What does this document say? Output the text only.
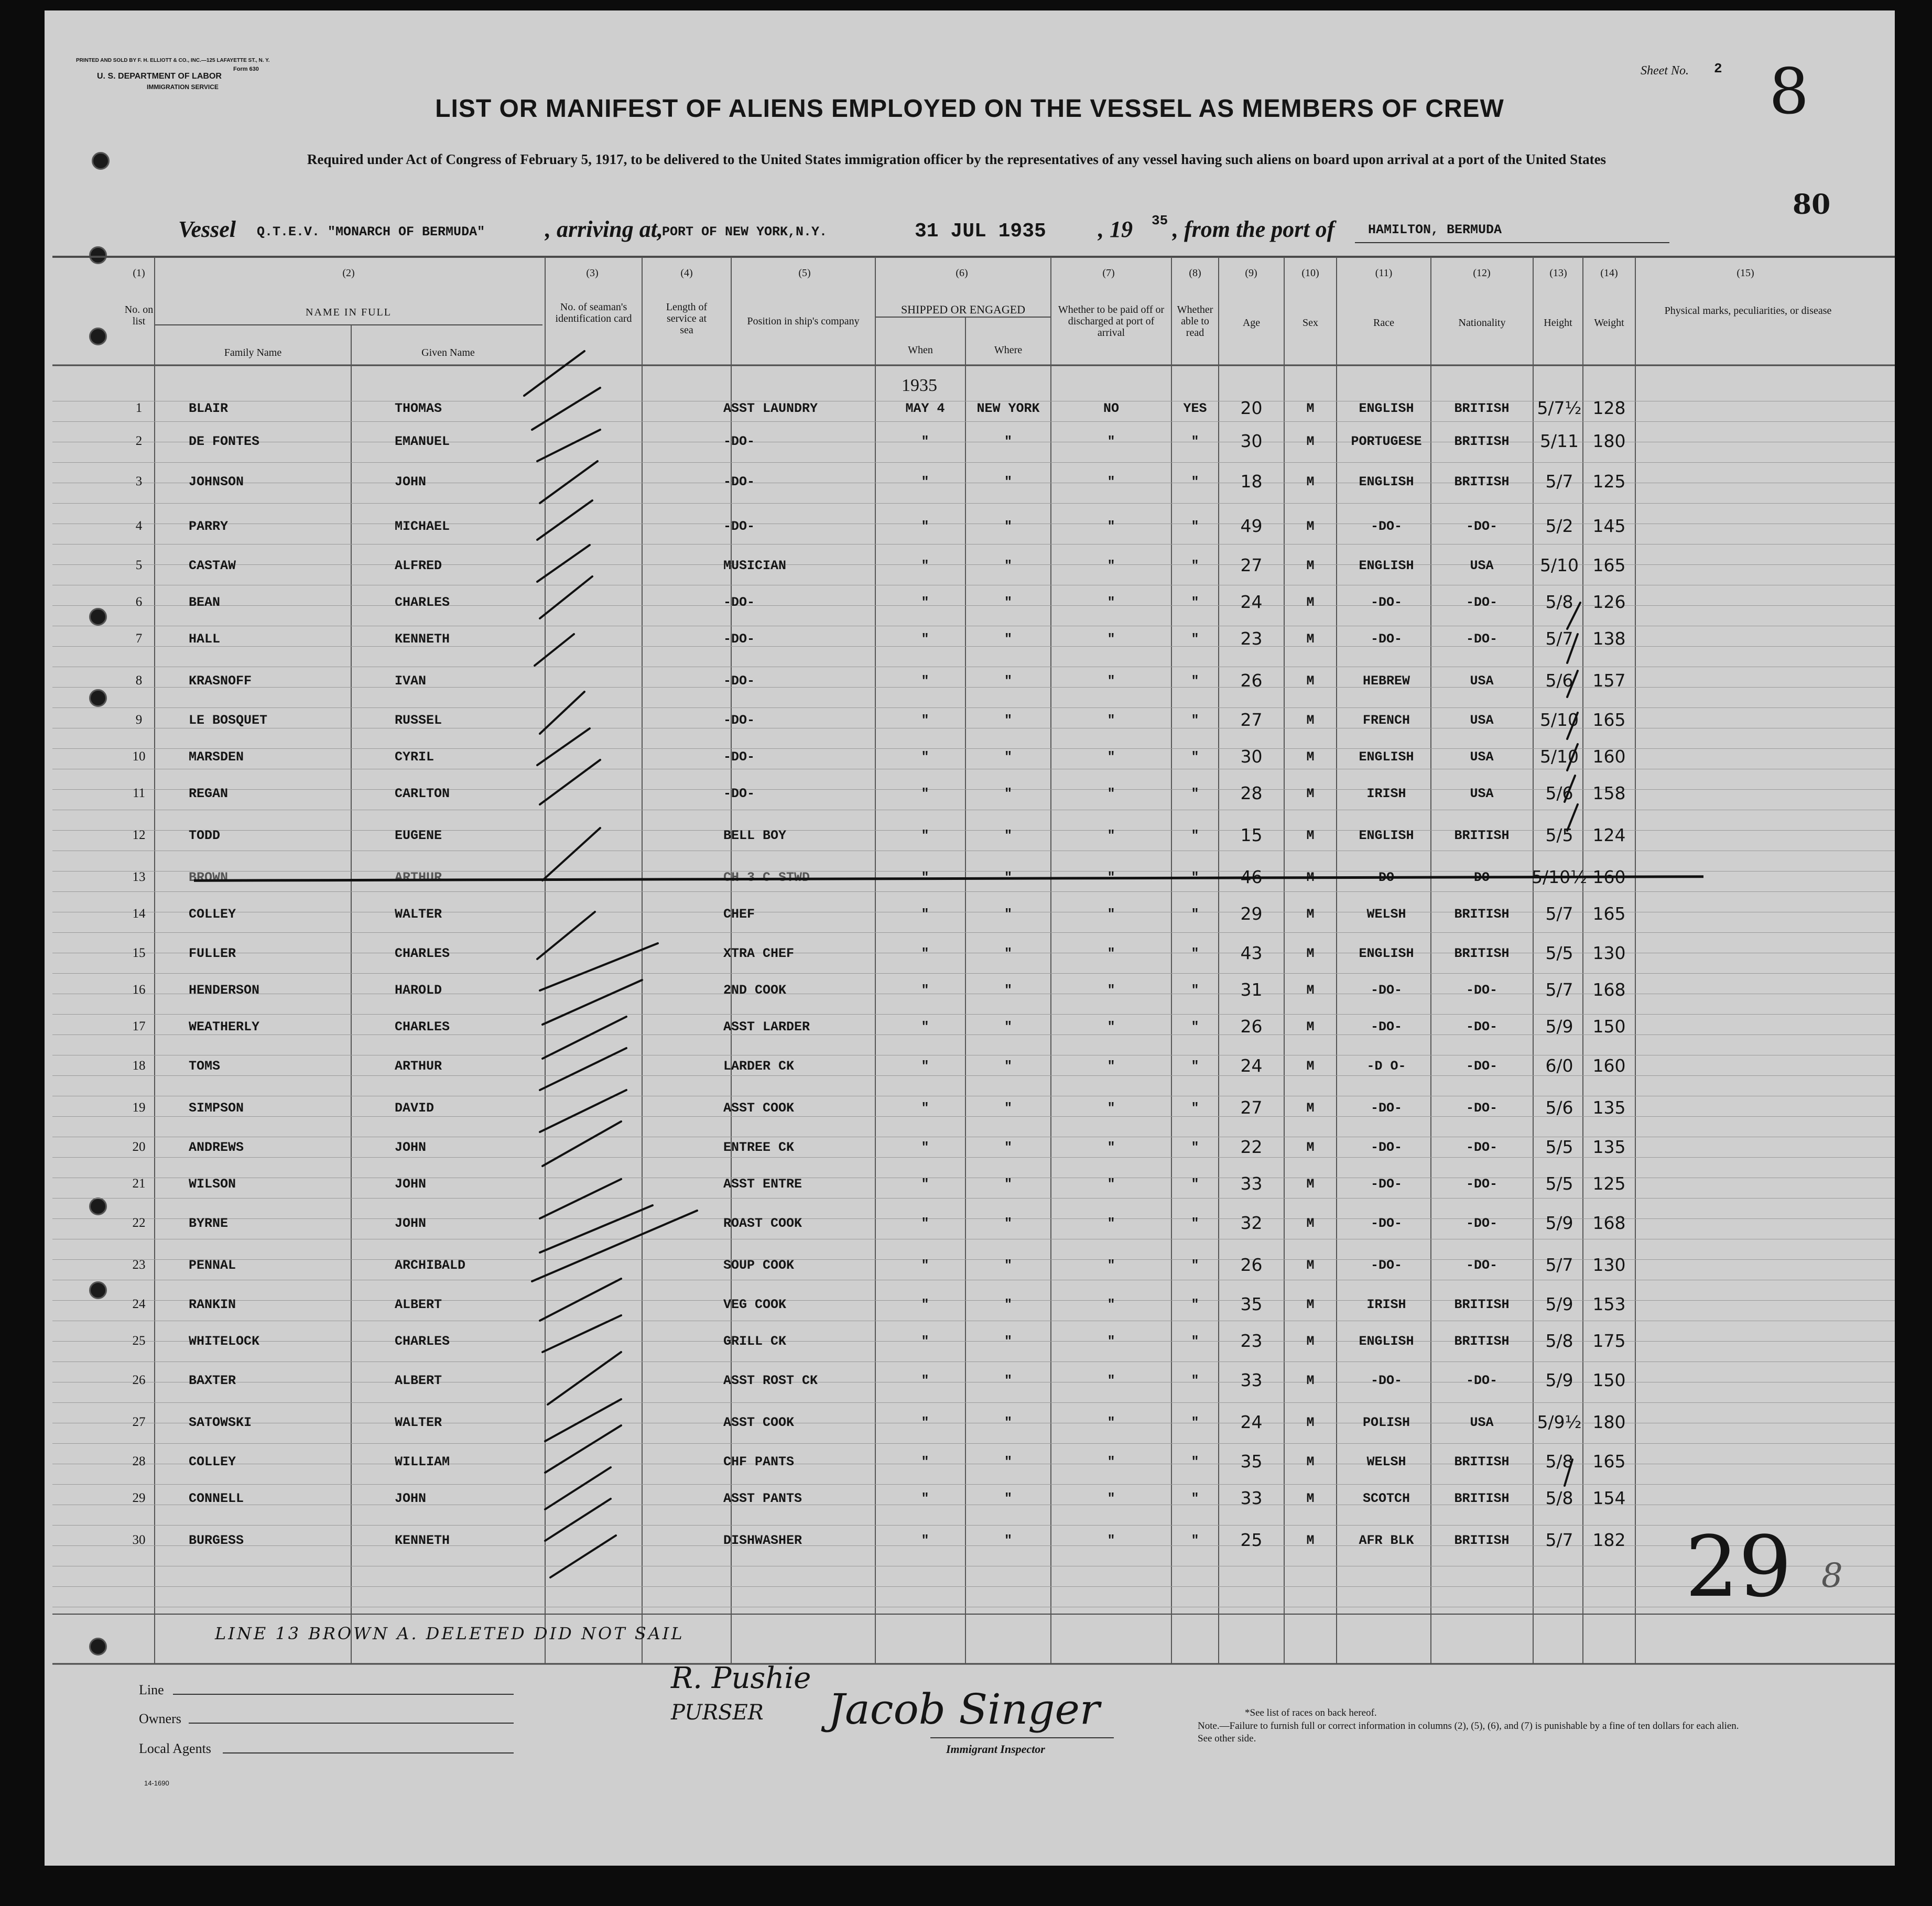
PRINTED AND SOLD BY F. H. ELLIOTT & CO., INC.—125 LAFAYETTE ST., N. Y.
U. S. DEPARTMENT OF LABOR
Form 630
IMMIGRATION SERVICE
Sheet No. 2 8
80
LIST OR MANIFEST OF ALIENS EMPLOYED ON THE VESSEL AS MEMBERS OF CREW
Required under Act of Congress of February 5, 1917, to be delivered to the United States immigration officer by the representatives of any vessel having such aliens on board upon arrival at a port of the United States
Vessel Q.T.E.V. "MONARCH OF BERMUDA"	, arriving at,
PORT OF NEW YORK,N.Y.	31 JUL 1935 , 19 35 , from the port of	HAMILTON, BERMUDA
(1)	(2)	(3)	(4)	(5)	(6)	(7)	(8)	(9)	(10)	(11)	(12)	(13)	(14)	(15)
No. on list
NAME IN FULL
Family Name	Given Name
No. of seaman's identification card
Length of service at sea
Position in ship's company
SHIPPED OR ENGAGED
When	Where
Whether to be paid off or discharged at port of arrival
Whether able to read
Age	Sex	Race	Nationality	Height	Weight
Physical marks, peculiarities, or disease
1935
1	BLAIR	THOMAS	ASST LAUNDRY	MAY 4	NEW YORK	NO	YES	20	M	ENGLISH	BRITISH	5/7½ 128
2	DE FONTES	EMANUEL	-DO-	"	"	"	"	30	M	PORTUGESE	BRITISH	5/11 180
3	JOHNSON	JOHN	-DO-	"	"	"	"	18	M	ENGLISH	BRITISH	5/7	125
4	PARRY	MICHAEL	-DO-	"	"	"	"	49	M	-DO-	-DO-	5/2	145
5	CASTAW	ALFRED	MUSICIAN	"	"	"	"	27	M	ENGLISH	USA	5/10 165
6	BEAN	CHARLES	-DO-	"	"	"	"	24	M	-DO-	-DO-	5/8	126
7	HALL	KENNETH	-DO-	"	"	"	"	23	M	-DO-	-DO-	5/7	138
8	KRASNOFF	IVAN	-DO-	"	"	"	"	26	M	HEBREW	USA	5/6	157
9	LE BOSQUET	RUSSEL	-DO-	"	"	"	"	27	M	FRENCH	USA	5/10 165
10	MARSDEN	CYRIL	-DO-	"	"	"	"	30	M	ENGLISH	USA	5/10 160
11	REGAN	CARLTON	-DO-	"	"	"	"	28	M	IRISH	USA	5/6	158
12	TODD	EUGENE	BELL BOY	"	"	"	"	15	M	ENGLISH	BRITISH	5/5	124
13	BROWN	ARTHUR	CH 3 C STWD	"	"	"	"	46	M	-DO-	-DO-	5/10½ 160
14	COLLEY	WALTER	CHEF	"	"	"	"	29	M	WELSH	BRITISH	5/7	165
15	FULLER	CHARLES	XTRA CHEF	"	"	"	"	43	M	ENGLISH	BRITISH	5/5	130
16	HENDERSON	HAROLD	2ND COOK	"	"	"	"	31	M	-DO-	-DO-	5/7	168
17	WEATHERLY	CHARLES	ASST LARDER	"	"	"	"	26	M	-DO-	-DO-	5/9	150
18	TOMS	ARTHUR	LARDER CK	"	"	"	"	24	M	-D O-	-DO-	6/0	160
19	SIMPSON	DAVID	ASST COOK	"	"	"	"	27	M	-DO-	-DO-	5/6	135
20	ANDREWS	JOHN	ENTREE CK	"	"	"	"	22	M	-DO-	-DO-	5/5	135
21	WILSON	JOHN	ASST ENTRE	"	"	"	"	33	M	-DO-	-DO-	5/5	125
22	BYRNE	JOHN	ROAST COOK	"	"	"	"	32	M	-DO-	-DO-	5/9	168
23	PENNAL	ARCHIBALD	SOUP COOK	"	"	"	"	26	M	-DO-	-DO-	5/7	130
24	RANKIN	ALBERT	VEG COOK	"	"	"	"	35	M	IRISH	BRITISH	5/9	153
25	WHITELOCK	CHARLES	GRILL CK	"	"	"	"	23	M	ENGLISH	BRITISH	5/8	175
26	BAXTER	ALBERT	ASST ROST CK	"	"	"	"	33	M	-DO-	-DO-	5/9	150
27	SATOWSKI	WALTER	ASST COOK	"	"	"	"	24	M	POLISH	USA	5/9½ 180
28	COLLEY	WILLIAM	CHF PANTS	"	"	"	"	35	M	WELSH	BRITISH	5/8	165
29	CONNELL	JOHN	ASST PANTS	"	"	"	"	33	M	SCOTCH	BRITISH	5/8	154
30	BURGESS	KENNETH	DISHWASHER	"	"	"	"	25	M	AFR BLK	BRITISH	5/7	182
LINE 13 BROWN A. DELETED DID NOT SAIL
29 8
Line
Owners
Local Agents
14-1690
R. Pushie
PURSER Jacob Singer
Immigrant Inspector
*See list of races on back hereof.
Note.—Failure to furnish full or correct information in columns (2), (5), (6), and (7) is punishable by a fine of ten dollars for each alien. See other side.
